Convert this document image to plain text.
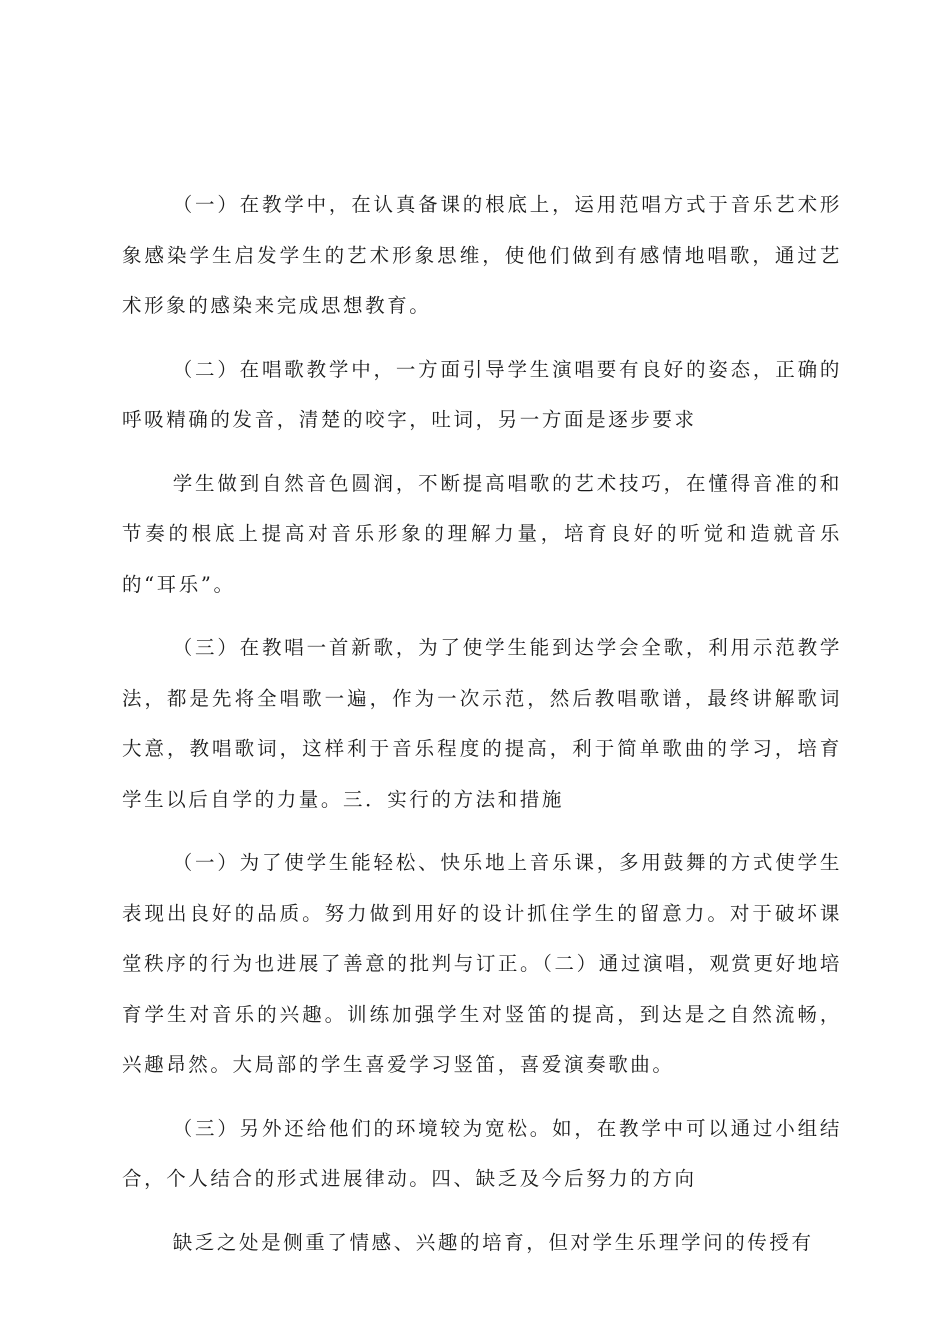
（一）在教学中，在认真备课的根底上，运用范唱方式于音乐艺术形象感染学生启发学生的艺术形象思维，使他们做到有感情地唱歌，通过艺术形象的感染来完成思想教育。

（二）在唱歌教学中，一方面引导学生演唱要有良好的姿态，正确的呼吸精确的发音，清楚的咬字，吐词，另一方面是逐步要求

学生做到自然音色圆润，不断提高唱歌的艺术技巧，在懂得音准的和节奏的根底上提高对音乐形象的理解力量，培育良好的听觉和造就音乐的“耳乐”。

（三）在教唱一首新歌，为了使学生能到达学会全歌，利用示范教学法，都是先将全唱歌一遍，作为一次示范，然后教唱歌谱，最终讲解歌词大意，教唱歌词，这样利于音乐程度的提高，利于简单歌曲的学习，培育学生以后自学的力量。三．实行的方法和措施

（一）为了使学生能轻松、快乐地上音乐课，多用鼓舞的方式使学生表现出良好的品质。努力做到用好的设计抓住学生的留意力。对于破坏课堂秩序的行为也进展了善意的批判与订正。（二）通过演唱，观赏更好地培育学生对音乐的兴趣。训练加强学生对竖笛的提高，到达是之自然流畅，兴趣昂然。大局部的学生喜爱学习竖笛，喜爱演奏歌曲。

（三）另外还给他们的环境较为宽松。如，在教学中可以通过小组结合，个人结合的形式进展律动。四、缺乏及今后努力的方向

缺乏之处是侧重了情感、兴趣的培育，但对学生乐理学问的传授有
